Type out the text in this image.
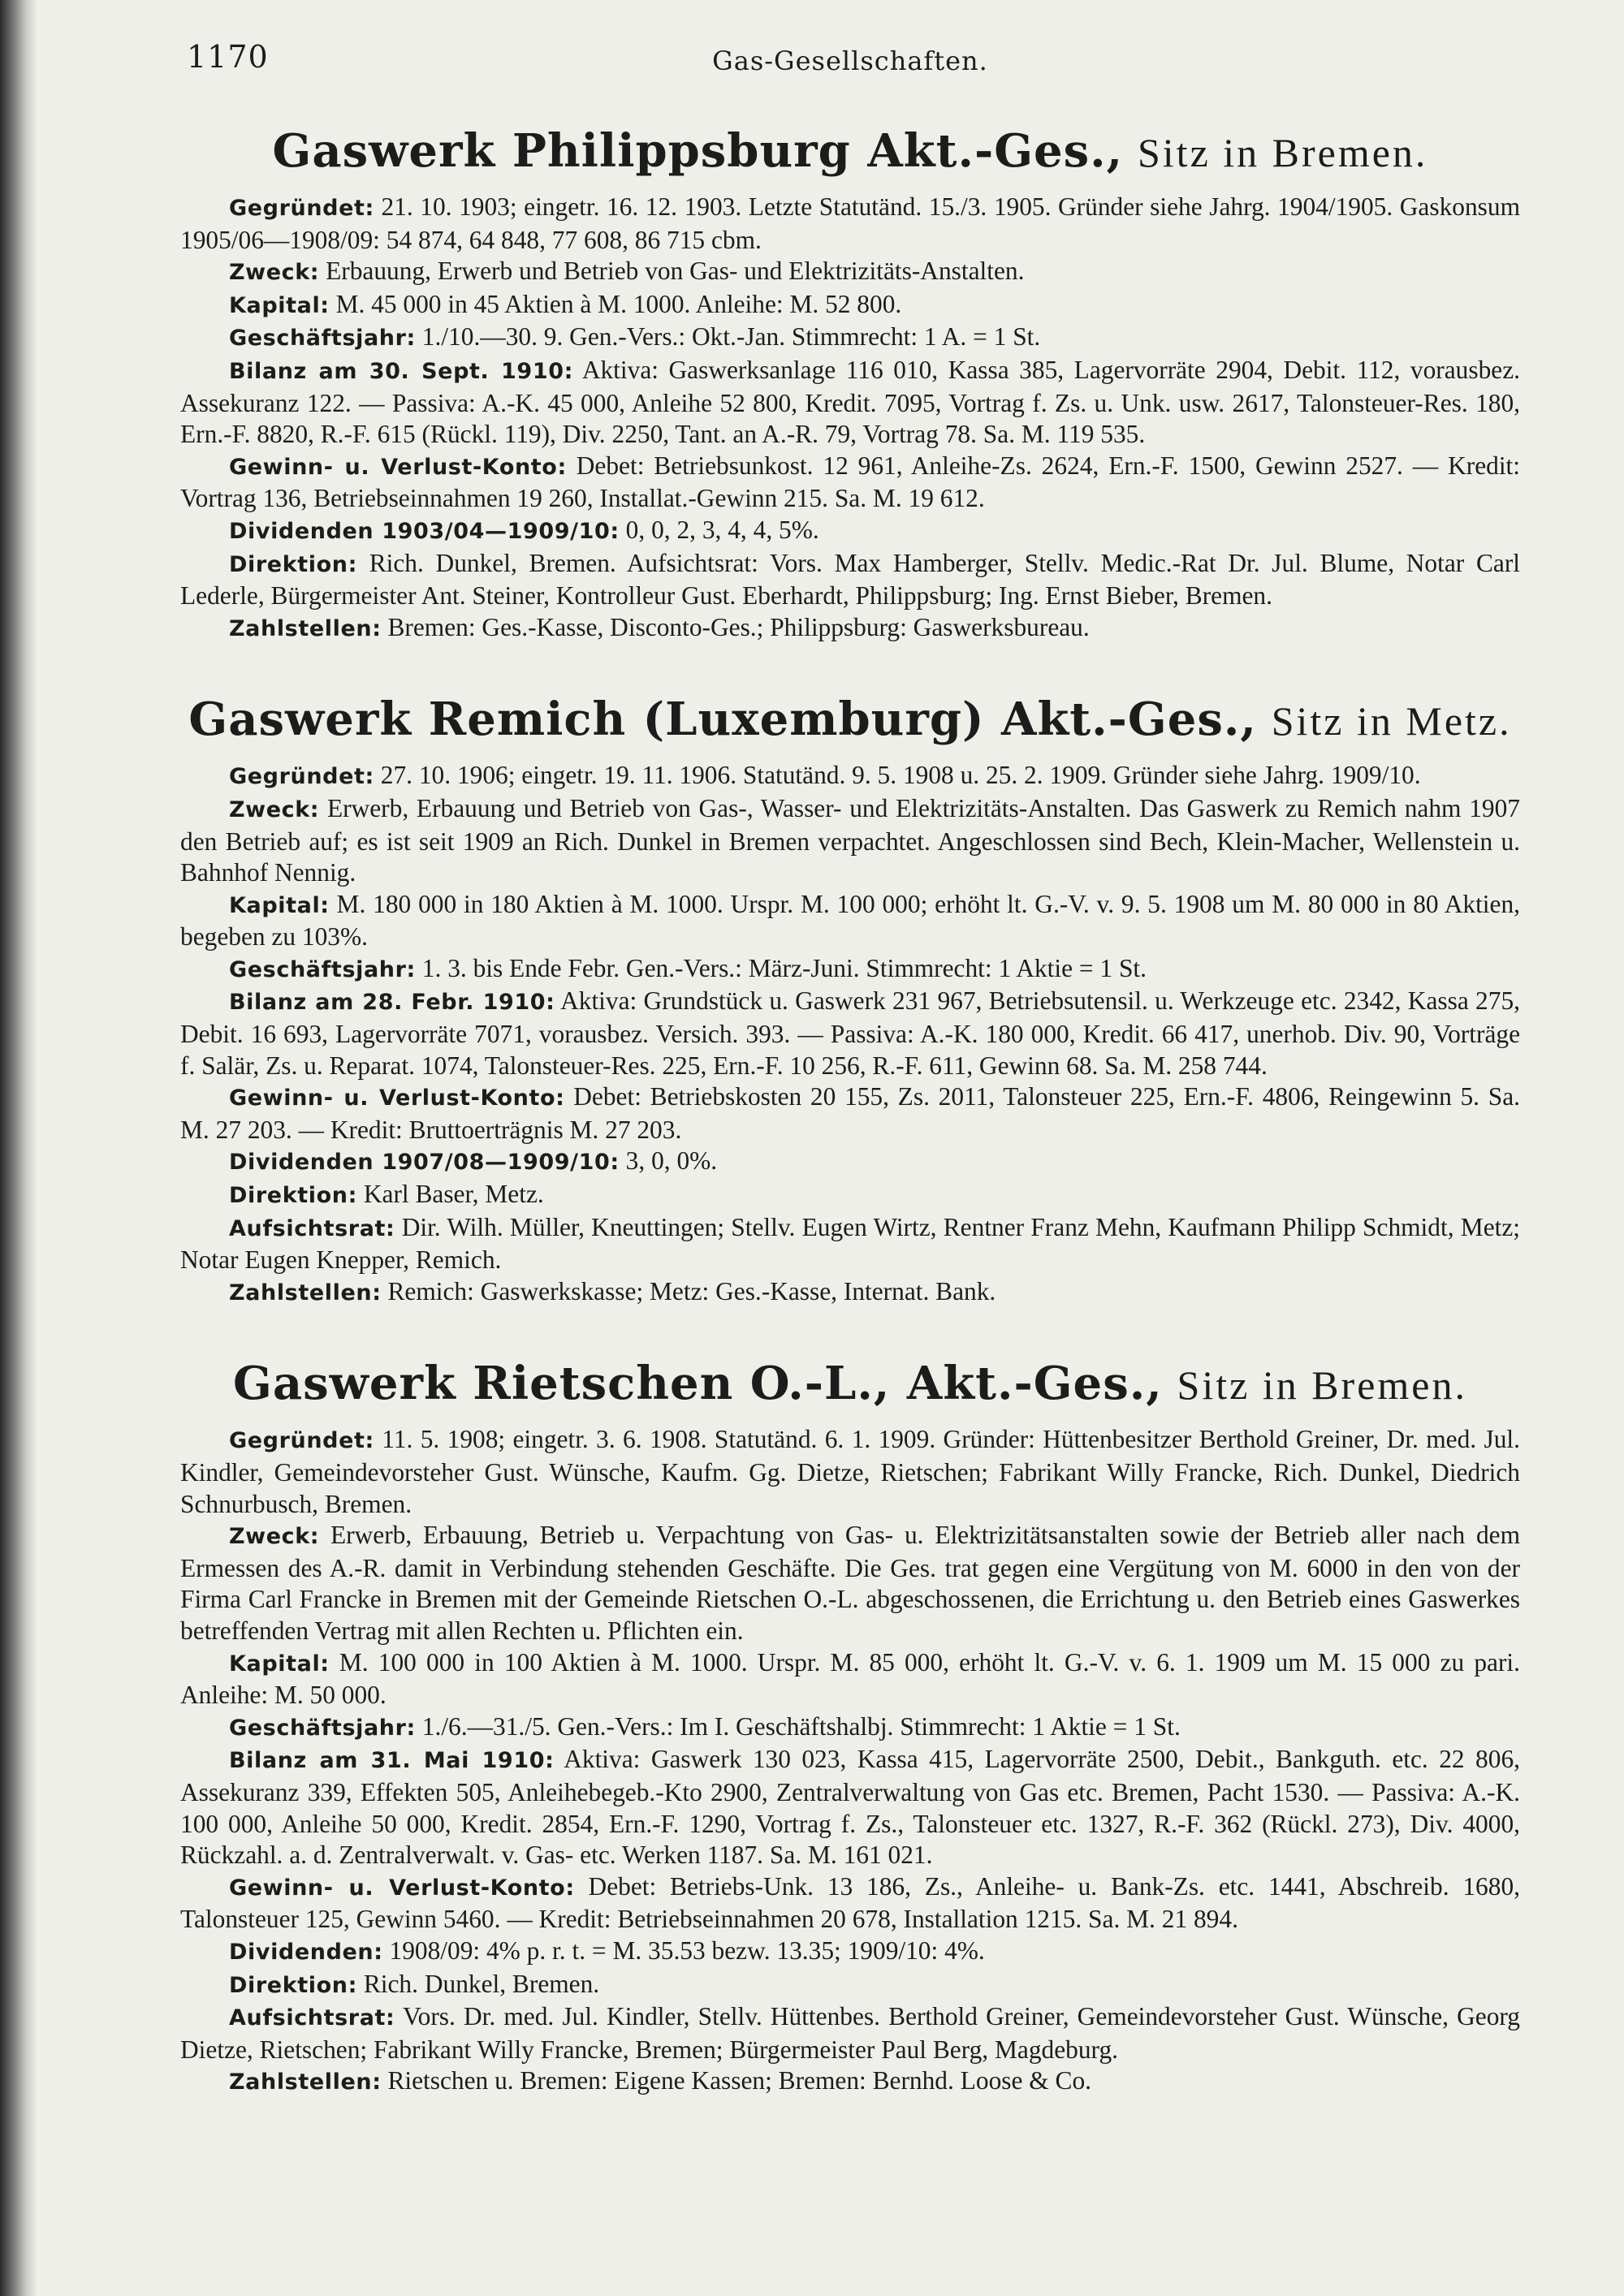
1170	Gas-Gesellschaften.
Gaswerk Philippsburg Akt.-Ges., Sitz in Bremen.

Gegründet: 21. 10. 1903; eingetr. 16. 12. 1903. Letzte Statutänd. 15./3. 1905. Gründer siehe Jahrg. 1904/1905. Gaskonsum 1905/06—1908/09: 54 874, 64 848, 77 608, 86 715 cbm.

Zweck: Erbauung, Erwerb und Betrieb von Gas- und Elektrizitäts-Anstalten.

Kapital: M. 45 000 in 45 Aktien à M. 1000. Anleihe: M. 52 800.

Geschäftsjahr: 1./10.—30. 9. Gen.-Vers.: Okt.-Jan. Stimmrecht: 1 A. = 1 St.

Bilanz am 30. Sept. 1910: Aktiva: Gaswerksanlage 116 010, Kassa 385, Lagervorräte 2904, Debit. 112, vorausbez. Assekuranz 122. — Passiva: A.-K. 45 000, Anleihe 52 800, Kredit. 7095, Vortrag f. Zs. u. Unk. usw. 2617, Talonsteuer-Res. 180, Ern.-F. 8820, R.-F. 615 (Rückl. 119), Div. 2250, Tant. an A.-R. 79, Vortrag 78. Sa. M. 119 535.

Gewinn- u. Verlust-Konto: Debet: Betriebsunkost. 12 961, Anleihe-Zs. 2624, Ern.-F. 1500, Gewinn 2527. — Kredit: Vortrag 136, Betriebseinnahmen 19 260, Installat.-Gewinn 215. Sa. M. 19 612.

Dividenden 1903/04—1909/10: 0, 0, 2, 3, 4, 4, 5%.

Direktion: Rich. Dunkel, Bremen. Aufsichtsrat: Vors. Max Hamberger, Stellv. Medic.-Rat Dr. Jul. Blume, Notar Carl Lederle, Bürgermeister Ant. Steiner, Kontrolleur Gust. Eberhardt, Philippsburg; Ing. Ernst Bieber, Bremen.

Zahlstellen: Bremen: Ges.-Kasse, Disconto-Ges.; Philippsburg: Gaswerksbureau.

Gaswerk Remich (Luxemburg) Akt.-Ges., Sitz in Metz.

Gegründet: 27. 10. 1906; eingetr. 19. 11. 1906. Statutänd. 9. 5. 1908 u. 25. 2. 1909. Gründer siehe Jahrg. 1909/10.

Zweck: Erwerb, Erbauung und Betrieb von Gas-, Wasser- und Elektrizitäts-Anstalten. Das Gaswerk zu Remich nahm 1907 den Betrieb auf; es ist seit 1909 an Rich. Dunkel in Bremen verpachtet. Angeschlossen sind Bech, Klein-Macher, Wellenstein u. Bahnhof Nennig.

Kapital: M. 180 000 in 180 Aktien à M. 1000. Urspr. M. 100 000; erhöht lt. G.-V. v. 9. 5. 1908 um M. 80 000 in 80 Aktien, begeben zu 103%.

Geschäftsjahr: 1. 3. bis Ende Febr. Gen.-Vers.: März-Juni. Stimmrecht: 1 Aktie = 1 St.

Bilanz am 28. Febr. 1910: Aktiva: Grundstück u. Gaswerk 231 967, Betriebsutensil. u. Werkzeuge etc. 2342, Kassa 275, Debit. 16 693, Lagervorräte 7071, vorausbez. Versich. 393. — Passiva: A.-K. 180 000, Kredit. 66 417, unerhob. Div. 90, Vorträge f. Salär, Zs. u. Reparat. 1074, Talonsteuer-Res. 225, Ern.-F. 10 256, R.-F. 611, Gewinn 68. Sa. M. 258 744.

Gewinn- u. Verlust-Konto: Debet: Betriebskosten 20 155, Zs. 2011, Talonsteuer 225, Ern.-F. 4806, Reingewinn 5. Sa. M. 27 203. — Kredit: Bruttoerträgnis M. 27 203.

Dividenden 1907/08—1909/10: 3, 0, 0%.

Direktion: Karl Baser, Metz.

Aufsichtsrat: Dir. Wilh. Müller, Kneuttingen; Stellv. Eugen Wirtz, Rentner Franz Mehn, Kaufmann Philipp Schmidt, Metz; Notar Eugen Knepper, Remich.

Zahlstellen: Remich: Gaswerkskasse; Metz: Ges.-Kasse, Internat. Bank.

Gaswerk Rietschen O.-L., Akt.-Ges., Sitz in Bremen.

Gegründet: 11. 5. 1908; eingetr. 3. 6. 1908. Statutänd. 6. 1. 1909. Gründer: Hüttenbesitzer Berthold Greiner, Dr. med. Jul. Kindler, Gemeindevorsteher Gust. Wünsche, Kaufm. Gg. Dietze, Rietschen; Fabrikant Willy Francke, Rich. Dunkel, Diedrich Schnurbusch, Bremen.

Zweck: Erwerb, Erbauung, Betrieb u. Verpachtung von Gas- u. Elektrizitätsanstalten sowie der Betrieb aller nach dem Ermessen des A.-R. damit in Verbindung stehenden Geschäfte. Die Ges. trat gegen eine Vergütung von M. 6000 in den von der Firma Carl Francke in Bremen mit der Gemeinde Rietschen O.-L. abgeschossenen, die Errichtung u. den Betrieb eines Gaswerkes betreffenden Vertrag mit allen Rechten u. Pflichten ein.

Kapital: M. 100 000 in 100 Aktien à M. 1000. Urspr. M. 85 000, erhöht lt. G.-V. v. 6. 1. 1909 um M. 15 000 zu pari. Anleihe: M. 50 000.

Geschäftsjahr: 1./6.—31./5. Gen.-Vers.: Im I. Geschäftshalbj. Stimmrecht: 1 Aktie = 1 St.

Bilanz am 31. Mai 1910: Aktiva: Gaswerk 130 023, Kassa 415, Lagervorräte 2500, Debit., Bankguth. etc. 22 806, Assekuranz 339, Effekten 505, Anleihebegeb.-Kto 2900, Zentralverwaltung von Gas etc. Bremen, Pacht 1530. — Passiva: A.-K. 100 000, Anleihe 50 000, Kredit. 2854, Ern.-F. 1290, Vortrag f. Zs., Talonsteuer etc. 1327, R.-F. 362 (Rückl. 273), Div. 4000, Rückzahl. a. d. Zentralverwalt. v. Gas- etc. Werken 1187. Sa. M. 161 021.

Gewinn- u. Verlust-Konto: Debet: Betriebs-Unk. 13 186, Zs., Anleihe- u. Bank-Zs. etc. 1441, Abschreib. 1680, Talonsteuer 125, Gewinn 5460. — Kredit: Betriebseinnahmen 20 678, Installation 1215. Sa. M. 21 894.

Dividenden: 1908/09: 4% p. r. t. = M. 35.53 bezw. 13.35; 1909/10: 4%.

Direktion: Rich. Dunkel, Bremen.

Aufsichtsrat: Vors. Dr. med. Jul. Kindler, Stellv. Hüttenbes. Berthold Greiner, Gemeindevorsteher Gust. Wünsche, Georg Dietze, Rietschen; Fabrikant Willy Francke, Bremen; Bürgermeister Paul Berg, Magdeburg.

Zahlstellen: Rietschen u. Bremen: Eigene Kassen; Bremen: Bernhd. Loose & Co.
